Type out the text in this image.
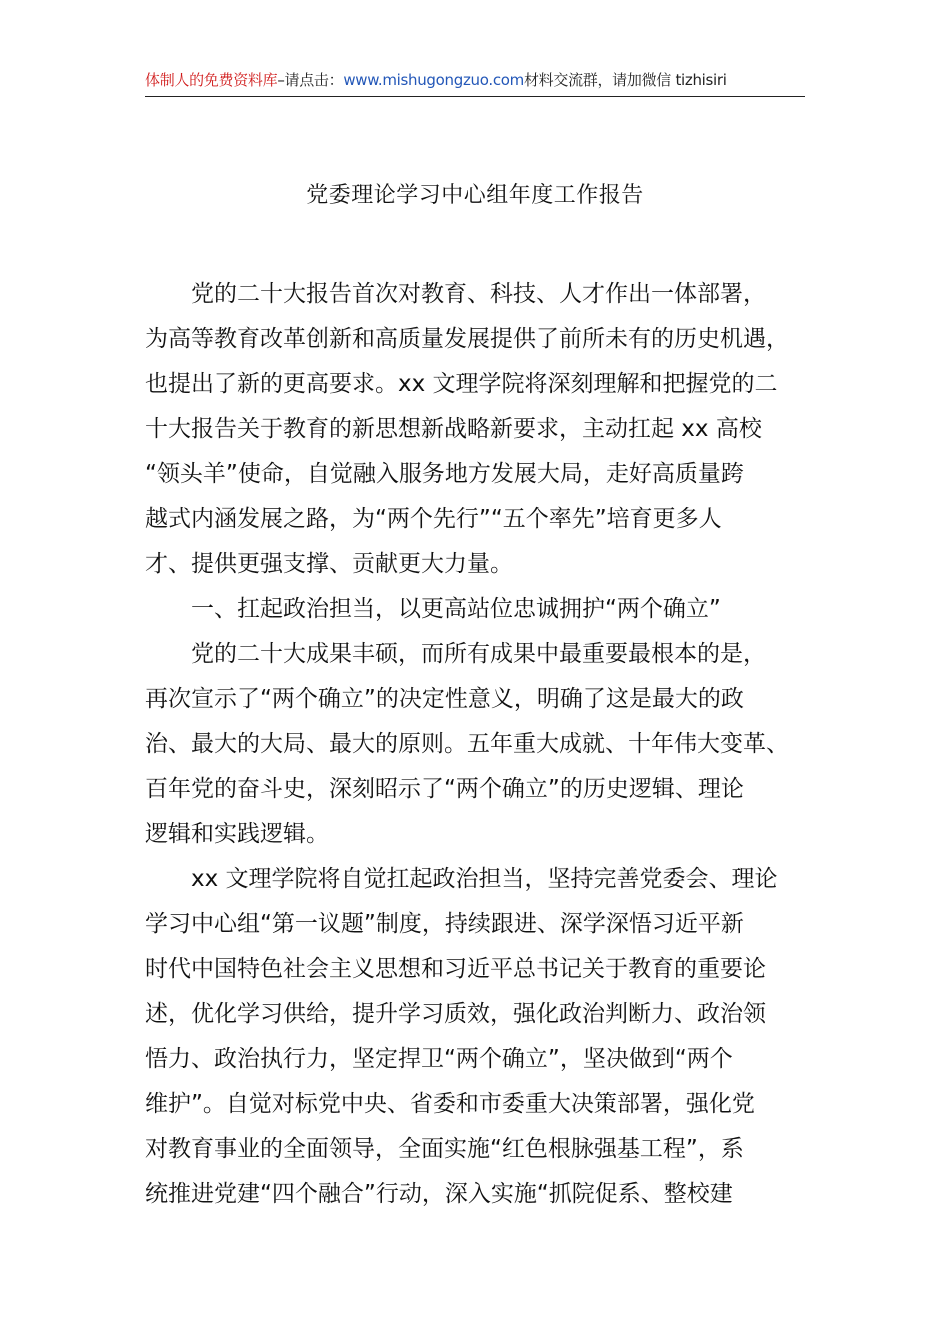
体制人的免费资料库–请点击：www.mishugongzuo.com材料交流群，请加微信 tizhisiri
党委理论学习中心组年度工作报告
党的二十大报告首次对教育、科技、人才作出一体部署，
为高等教育改革创新和高质量发展提供了前所未有的历史机遇，
也提出了新的更高要求。xx 文理学院将深刻理解和把握党的二
十大报告关于教育的新思想新战略新要求，主动扛起 xx 高校
“领头羊”使命，自觉融入服务地方发展大局，走好高质量跨
越式内涵发展之路，为“两个先行”“五个率先”培育更多人
才、提供更强支撑、贡献更大力量。
一、扛起政治担当，以更高站位忠诚拥护“两个确立”
党的二十大成果丰硕，而所有成果中最重要最根本的是，
再次宣示了“两个确立”的决定性意义，明确了这是最大的政
治、最大的大局、最大的原则。五年重大成就、十年伟大变革、
百年党的奋斗史，深刻昭示了“两个确立”的历史逻辑、理论
逻辑和实践逻辑。
xx 文理学院将自觉扛起政治担当，坚持完善党委会、理论
学习中心组“第一议题”制度，持续跟进、深学深悟习近平新
时代中国特色社会主义思想和习近平总书记关于教育的重要论
述，优化学习供给，提升学习质效，强化政治判断力、政治领
悟力、政治执行力，坚定捍卫“两个确立”，坚决做到“两个
维护”。自觉对标党中央、省委和市委重大决策部署，强化党
对教育事业的全面领导，全面实施“红色根脉强基工程”，系
统推进党建“四个融合”行动，深入实施“抓院促系、整校建
